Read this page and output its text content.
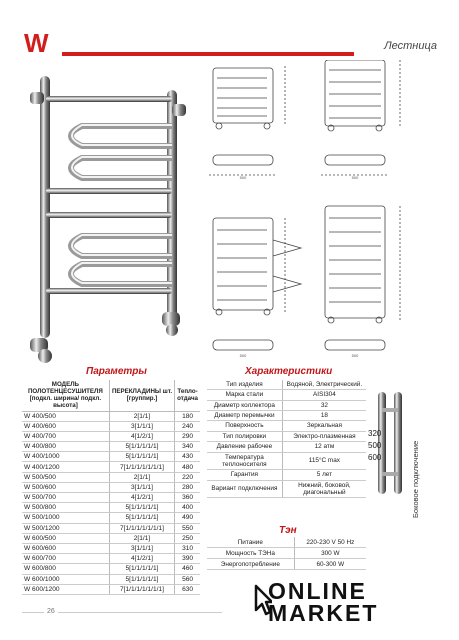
W	Лестница
500	500
500	500
Параметры
МОДЕЛЬ ПОЛОТЕНЦЕСУШИТЕЛЯ [подкл. ширина/ подкл. высота]	ПЕРЕКЛАДИНЫ шт. [группир.]	Тепло- отдача
W 400/500	2[1/1]	180
W 400/600	3[1/1/1]	240
W 400/700	4[1/2/1]	290
W 400/800	5[1/1/1/1/1]	340
W 400/1000	5[1/1/1/1/1]	430
W 400/1200	7[1/1/1/1/1/1/1]	480
W 500/500	2[1/1]	220
W 500/600	3[1/1/1]	280
W 500/700	4[1/2/1]	360
W 500/800	5[1/1/1/1/1]	400
W 500/1000	5[1/1/1/1/1]	490
W 500/1200	7[1/1/1/1/1/1/1]	550
W 600/500	2[1/1]	250
W 600/600	3[1/1/1]	310
W 600/700	4[1/2/1]	390
W 600/800	5[1/1/1/1/1]	460
W 600/1000	5[1/1/1/1/1]	560
W 600/1200	7[1/1/1/1/1/1/1]	630
Характеристики
Тип изделия	Водяной, Электрический.
Марка стали	AISI304
Диаметр коллектора	32
Диаметр перемычки	18
Поверхность	Зеркальная
Тип полировки	Электро-плазменная
Давление рабочее	12 атм
Температура теплоносителя	115°С max
Гарантия	5 лет
Вариант подключения	Нижний, боковой, диагональный
Тэн
Питание	220-230 V 50 Hz
Мощность ТЭНа	300 W
Энергопотребление	60-300 W
320
500
600	Боковое подключение
26
ONLINE
MARKET
